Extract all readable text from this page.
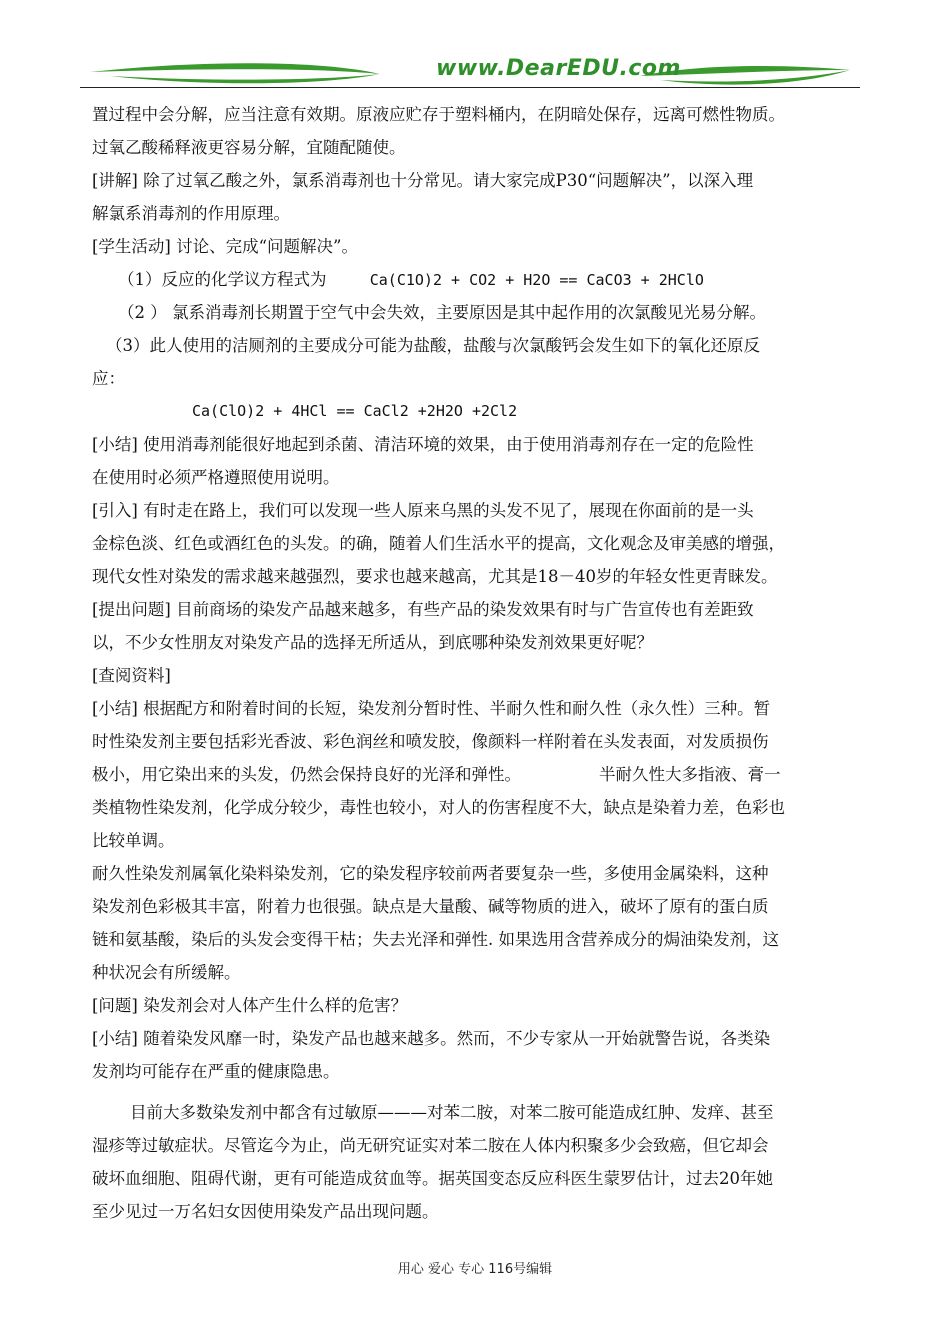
www.DearEDU.com
置过程中会分解，应当注意有效期。原液应贮存于塑料桶内，在阴暗处保存，远离可燃性物质。
过氧乙酸稀释液更容易分解，宜随配随使。
[讲解] 除了过氧乙酸之外，氯系消毒剂也十分常见。请大家完成P30“问题解决”，以深入理
解氯系消毒剂的作用原理。
[学生活动] 讨论、完成“问题解决”。
（1）反应的化学议方程式为	Ca(C1O)2 + CO2 + H2O == CaCO3 + 2HClO
（2 ） 氯系消毒剂长期置于空气中会失效，主要原因是其中起作用的次氯酸见光易分解。
（3）此人使用的洁厕剂的主要成分可能为盐酸，盐酸与次氯酸钙会发生如下的氧化还原反
应：
Ca(ClO)2 + 4HCl == CaCl2 +2H2O +2Cl2
[小结] 使用消毒剂能很好地起到杀菌、清洁环境的效果，由于使用消毒剂存在一定的危险性
在使用时必须严格遵照使用说明。
[引入] 有时走在路上，我们可以发现一些人原来乌黑的头发不见了，展现在你面前的是一头
金棕色淡、红色或酒红色的头发。的确，随着人们生活水平的提高，文化观念及审美感的增强，
现代女性对染发的需求越来越强烈，要求也越来越高，尤其是18－40岁的年轻女性更青睐发。
[提出问题] 目前商场的染发产品越来越多，有些产品的染发效果有时与广告宣传也有差距致
以，不少女性朋友对染发产品的选择无所适从，到底哪种染发剂效果更好呢？
[查阅资料]
[小结] 根据配方和附着时间的长短，染发剂分暂时性、半耐久性和耐久性（永久性）三种。暂
时性染发剂主要包括彩光香波、彩色润丝和喷发胶，像颜料一样附着在头发表面，对发质损伤
极小，用它染出来的头发，仍然会保持良好的光泽和弹性。	半耐久性大多指液、膏一
类植物性染发剂，化学成分较少，毒性也较小，对人的伤害程度不大，缺点是染着力差，色彩也
比较单调。
耐久性染发剂属氧化染料染发剂，它的染发程序较前两者要复杂一些，多使用金属染料，这种
染发剂色彩极其丰富，附着力也很强。缺点是大量酸、碱等物质的进入，破坏了原有的蛋白质
链和氨基酸，染后的头发会变得干枯；失去光泽和弹性. 如果选用含营养成分的焗油染发剂，这
种状况会有所缓解。
[问题] 染发剂会对人体产生什么样的危害？
[小结] 随着染发风靡一时，染发产品也越来越多。然而，不少专家从一开始就警告说，各类染
发剂均可能存在严重的健康隐患。
目前大多数染发剂中都含有过敏原———对苯二胺，对苯二胺可能造成红肿、发痒、甚至
湿疹等过敏症状。尽管迄今为止，尚无研究证实对苯二胺在人体内积聚多少会致癌，但它却会
破坏血细胞、阻碍代谢，更有可能造成贫血等。据英国变态反应科医生蒙罗估计，过去20年她
至少见过一万名妇女因使用染发产品出现问题。
用心 爱心 专心 116号编辑
